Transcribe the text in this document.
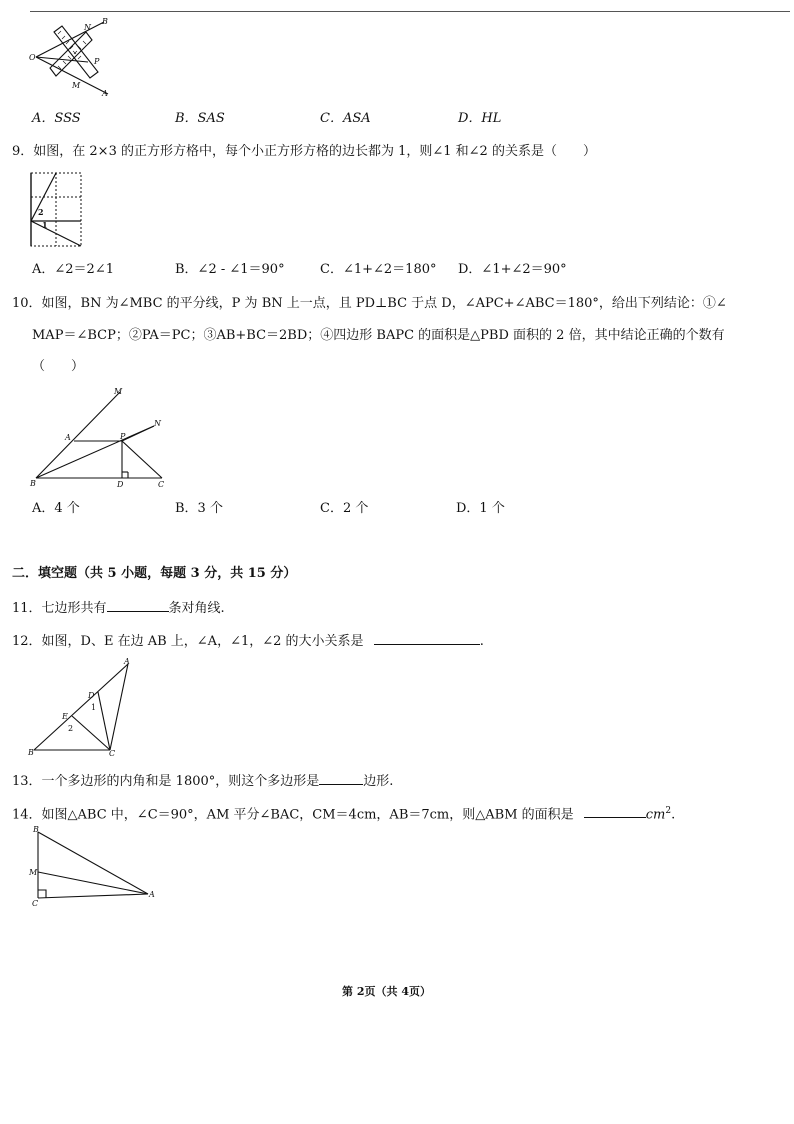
B
N
O	P
M
A
A．SSS	B．SAS	C．ASA	D．HL
9．如图，在 2×3 的正方形方格中，每个小正方形方格的边长都为 1，则∠1 和∠2 的关系是（　　）
2
1
A．∠2＝2∠1	B．∠2 - ∠1＝90°	C．∠1+∠2＝180° D．∠1+∠2＝90°
10．如图，BN 为∠MBC 的平分线，P 为 BN 上一点，且 PD⊥BC 于点 D，∠APC+∠ABC＝180°，给出下列结论：①∠
MAP＝∠BCP；②PA＝PC；③AB+BC＝2BD；④四边形 BAPC 的面积是△PBD 面积的 2 倍，其中结论正确的个数有
（　　）
M
N
A	P
B	D	C
A．4 个	B．3 个	C．2 个	D．1 个
二．填空题（共 5 小题，每题 3 分，共 15 分）
11．七边形共有	条对角线.
12．如图，D、E 在边 AB 上，∠A，∠1，∠2 的大小关系是	.
A
D
1
E
2
B	C
13．一个多边形的内角和是 1800°，则这个多边形是	边形.
14．如图△ABC 中，∠C＝90°，AM 平分∠BAC，CM＝4cm，AB＝7cm，则△ABM 的面积是	$cm^2$.
B
M
C
A
第 2页（共 4页）
